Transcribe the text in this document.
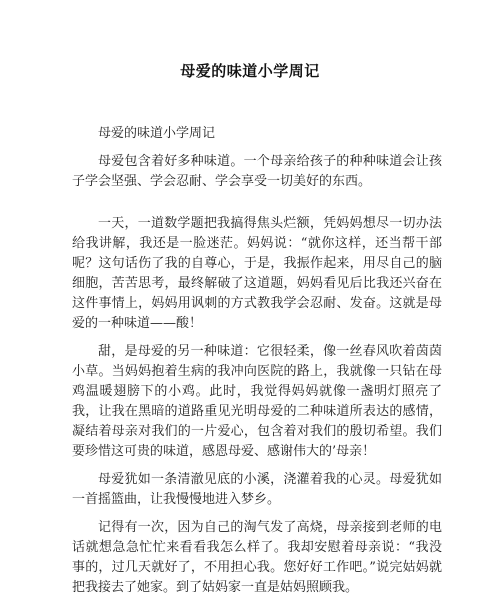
母爱的味道小学周记

母爱的味道小学周记

母爱包含着好多种味道。一个母亲给孩子的种种味道会让孩子学会坚强、学会忍耐、学会享受一切美好的东西。

一天，一道数学题把我搞得焦头烂额，凭妈妈想尽一切办法给我讲解，我还是一脸迷茫。妈妈说：“就你这样，还当帮干部呢？这句话伤了我的自尊心，于是，我振作起来，用尽自己的脑细胞，苦苦思考，最终解破了这道题，妈妈看见后比我还兴奋在这件事情上，妈妈用讽刺的方式教我学会忍耐、发奋。这就是母爱的一种味道——酸！

甜，是母爱的另一种味道：它很轻柔，像一丝春风吹着茵茵小草。当妈妈抱着生病的我冲向医院的路上，我就像一只钻在母鸡温暖翅膀下的小鸡。此时，我觉得妈妈就像一盏明灯照亮了我，让我在黑暗的道路重见光明母爱的二种味道所表达的感情，凝结着母亲对我们的一片爱心，包含着对我们的殷切希望。我们要珍惜这可贵的味道，感恩母爱、感谢伟大的’母亲！

母爱犹如一条清澈见底的小溪，浇灌着我的心灵。母爱犹如一首摇篮曲，让我慢慢地进入梦乡。

记得有一次，因为自己的淘气发了高烧，母亲接到老师的电话就想急急忙忙来看看我怎么样了。我却安慰着母亲说：“我没事的，过几天就好了，不用担心我。您好好工作吧。”说完姑妈就把我接去了她家。到了姑妈家一直是姑妈照顾我。
